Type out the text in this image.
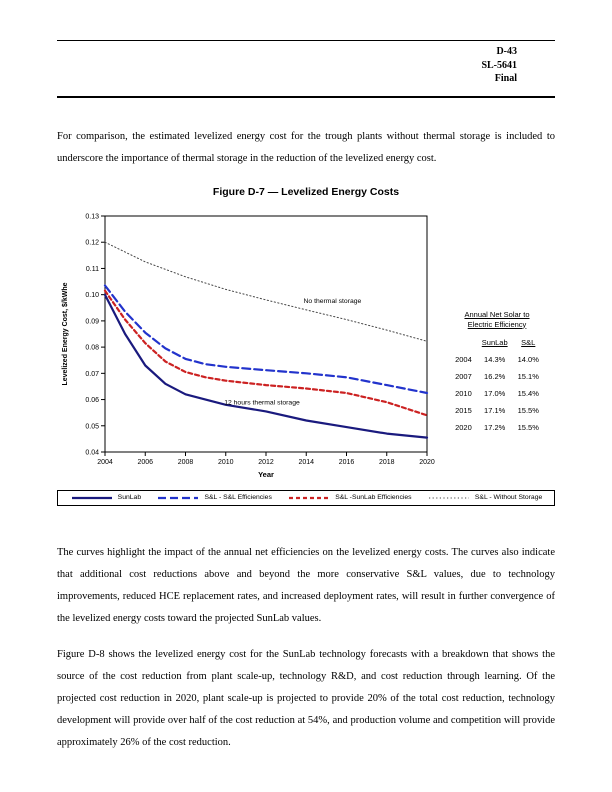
D-43
SL-5641
Final

For comparison, the estimated levelized energy cost for the trough plants without thermal storage is included to underscore the importance of thermal storage in the reduction of the levelized energy cost.

Figure D-7 — Levelized Energy Costs
0.04
0.05
0.06
0.07
0.08
0.09
0.10
0.11
0.12
0.13
2004	2006	2008	2010	2012	2014	2016	2018	2020
No thermal storage
12 hours thermal storage
Levelized Energy Cost, $/kWhe
Year
Annual Net Solar to
Electric Efficiency
	SunLab	S&L
2004	14.3%	14.0%
2007	16.2%	15.1%
2010	17.0%	15.4%
2015	17.1%	15.5%
2020	17.2%	15.5%
SunLab	S&L - S&L Efficiencies	S&L -SunLab Efficiencies	S&L - Without Storage

The curves highlight the impact of the annual net efficiencies on the levelized energy costs. The curves also indicate that additional cost reductions above and beyond the more conservative S&L values, due to technology improvements, reduced HCE replacement rates, and increased deployment rates, will result in further convergence of the levelized energy costs toward the projected SunLab values.

Figure D-8 shows the levelized energy cost for the SunLab technology forecasts with a breakdown that shows the source of the cost reduction from plant scale-up, technology R&D, and cost reduction through learning. Of the projected cost reduction in 2020, plant scale-up is projected to provide 20% of the total cost reduction, technology development will provide over half of the cost reduction at 54%, and production volume and competition will provide approximately 26% of the cost reduction.
